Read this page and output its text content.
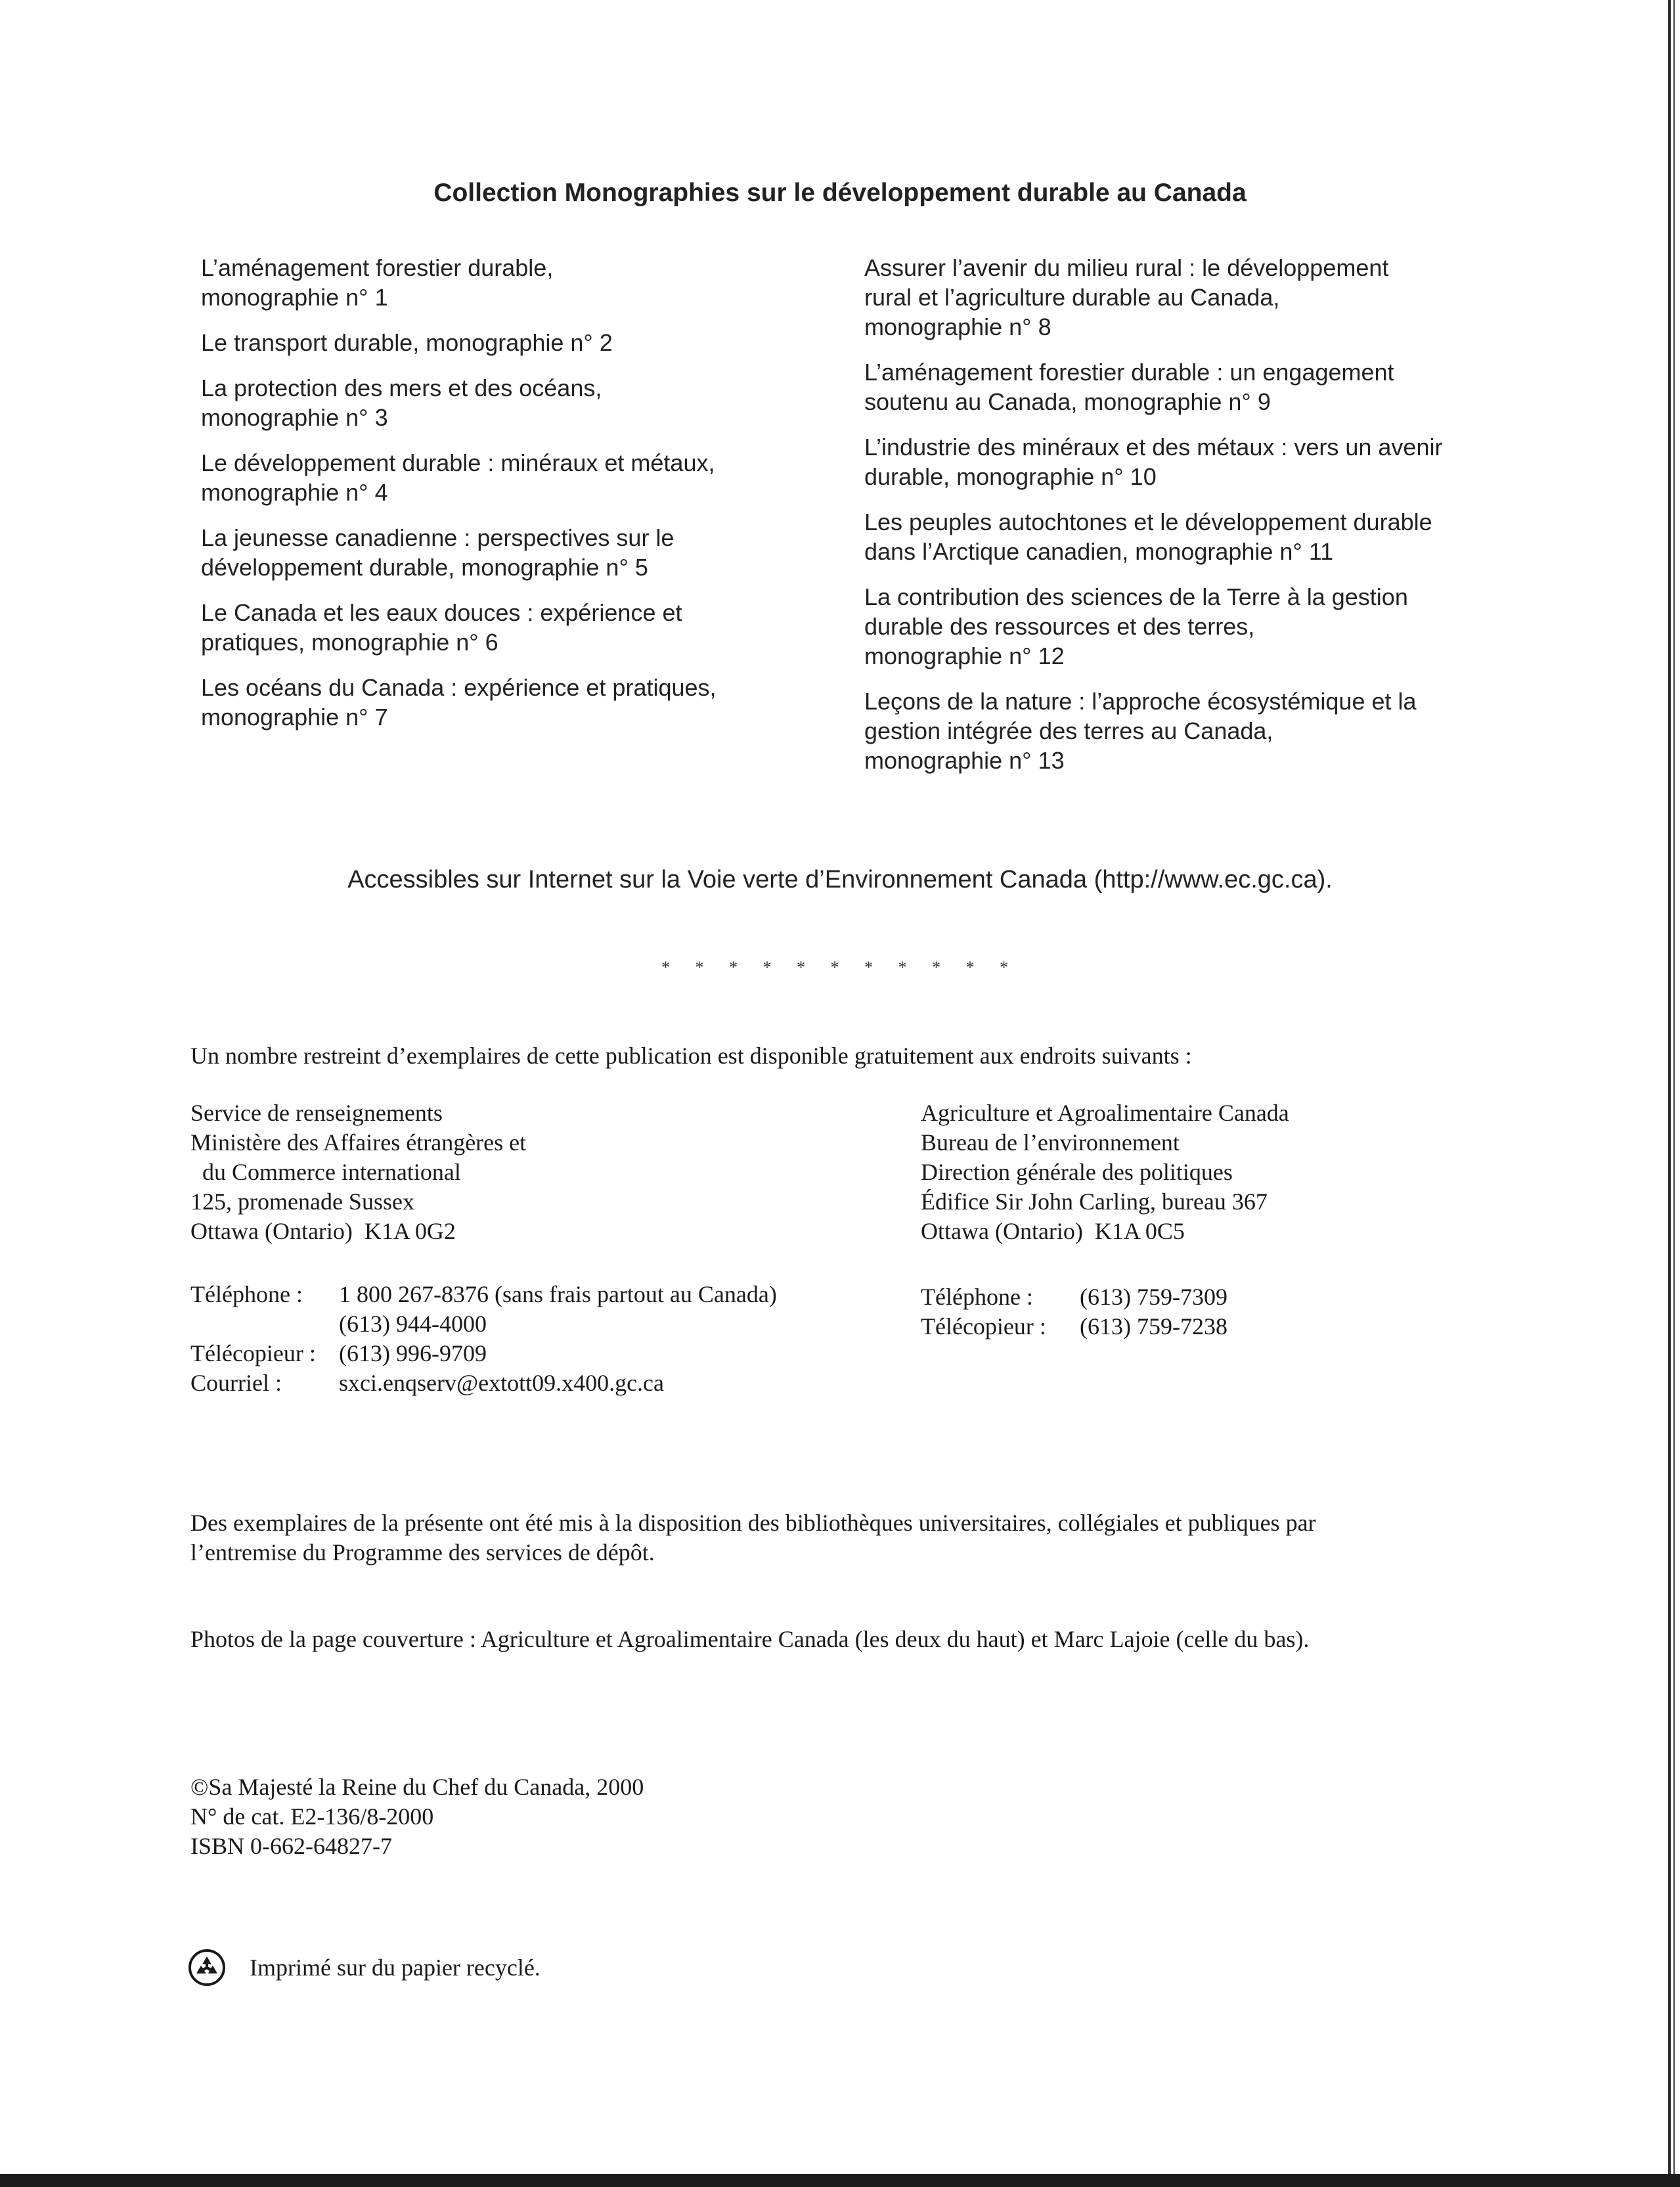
Collection Monographies sur le développement durable au Canada
L’aménagement forestier durable,
monographie n° 1
Le transport durable, monographie n° 2
La protection des mers et des océans,
monographie n° 3
Le développement durable : minéraux et métaux,
monographie n° 4
La jeunesse canadienne : perspectives sur le
développement durable, monographie n° 5
Le Canada et les eaux douces : expérience et
pratiques, monographie n° 6
Les océans du Canada : expérience et pratiques,
monographie n° 7
Assurer l’avenir du milieu rural : le développement
rural et l’agriculture durable au Canada,
monographie n° 8
L’aménagement forestier durable : un engagement
soutenu au Canada, monographie n° 9
L’industrie des minéraux et des métaux : vers un avenir
durable, monographie n° 10
Les peuples autochtones et le développement durable
dans l’Arctique canadien, monographie n° 11
La contribution des sciences de la Terre à la gestion
durable des ressources et des terres,
monographie n° 12
Leçons de la nature : l’approche écosystémique et la
gestion intégrée des terres au Canada,
monographie n° 13
Accessibles sur Internet sur la Voie verte d’Environnement Canada (http://www.ec.gc.ca).
* * * * * * * * * * *
Un nombre restreint d’exemplaires de cette publication est disponible gratuitement aux endroits suivants :
Service de renseignements
Ministère des Affaires étrangères et
du Commerce international
125, promenade Sussex
Ottawa (Ontario)  K1A 0G2
Agriculture et Agroalimentaire Canada
Bureau de l’environnement
Direction générale des politiques
Édifice Sir John Carling, bureau 367
Ottawa (Ontario)  K1A 0C5
Téléphone :	1 800 267-8376 (sans frais partout au Canada)
	(613) 944-4000
Télécopieur :	(613) 996-9709
Courriel :	sxci.enqserv@extott09.x400.gc.ca
Téléphone :	(613) 759-7309
Télécopieur :	(613) 759-7238
Des exemplaires de la présente ont été mis à la disposition des bibliothèques universitaires, collégiales et publiques par l’entremise du Programme des services de dépôt.
Photos de la page couverture : Agriculture et Agroalimentaire Canada (les deux du haut) et Marc Lajoie (celle du bas).
©Sa Majesté la Reine du Chef du Canada, 2000
N° de cat. E2-136/8-2000
ISBN 0-662-64827-7
Imprimé sur du papier recyclé.
